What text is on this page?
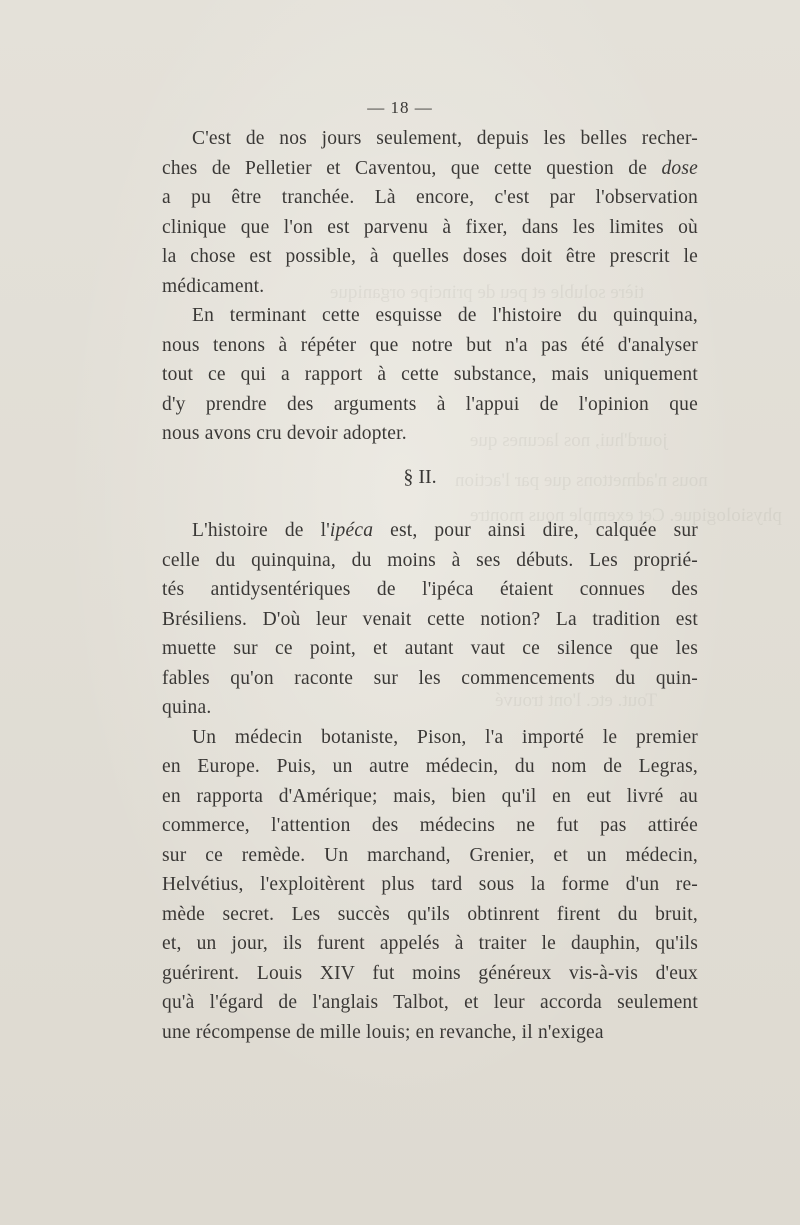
tière soluble et peu de principe organique
jourd'hui, nos lacunes que
nous n'admettons que par l'action
physiologique. Cet exemple nous montre
Tout. etc. l'ont trouvé
— 18 —
C'est de nos jours seulement, depuis les belles recher-
ches de Pelletier et Caventou, que cette question de dose
a pu être tranchée. Là encore, c'est par l'observation
clinique que l'on est parvenu à fixer, dans les limites où
la chose est possible, à quelles doses doit être prescrit le
médicament.
En terminant cette esquisse de l'histoire du quinquina,
nous tenons à répéter que notre but n'a pas été d'analyser
tout ce qui a rapport à cette substance, mais uniquement
d'y prendre des arguments à l'appui de l'opinion que
nous avons cru devoir adopter.
§ II.
L'histoire de l'ipéca est, pour ainsi dire, calquée sur
celle du quinquina, du moins à ses débuts. Les proprié-
tés antidysentériques de l'ipéca étaient connues des
Brésiliens. D'où leur venait cette notion? La tradition est
muette sur ce point, et autant vaut ce silence que les
fables qu'on raconte sur les commencements du quin-
quina.
Un médecin botaniste, Pison, l'a importé le premier
en Europe. Puis, un autre médecin, du nom de Legras,
en rapporta d'Amérique; mais, bien qu'il en eut livré au
commerce, l'attention des médecins ne fut pas attirée
sur ce remède. Un marchand, Grenier, et un médecin,
Helvétius, l'exploitèrent plus tard sous la forme d'un re-
mède secret. Les succès qu'ils obtinrent firent du bruit,
et, un jour, ils furent appelés à traiter le dauphin, qu'ils
guérirent. Louis XIV fut moins généreux vis-à-vis d'eux
qu'à l'égard de l'anglais Talbot, et leur accorda seulement
une récompense de mille louis; en revanche, il n'exigea
